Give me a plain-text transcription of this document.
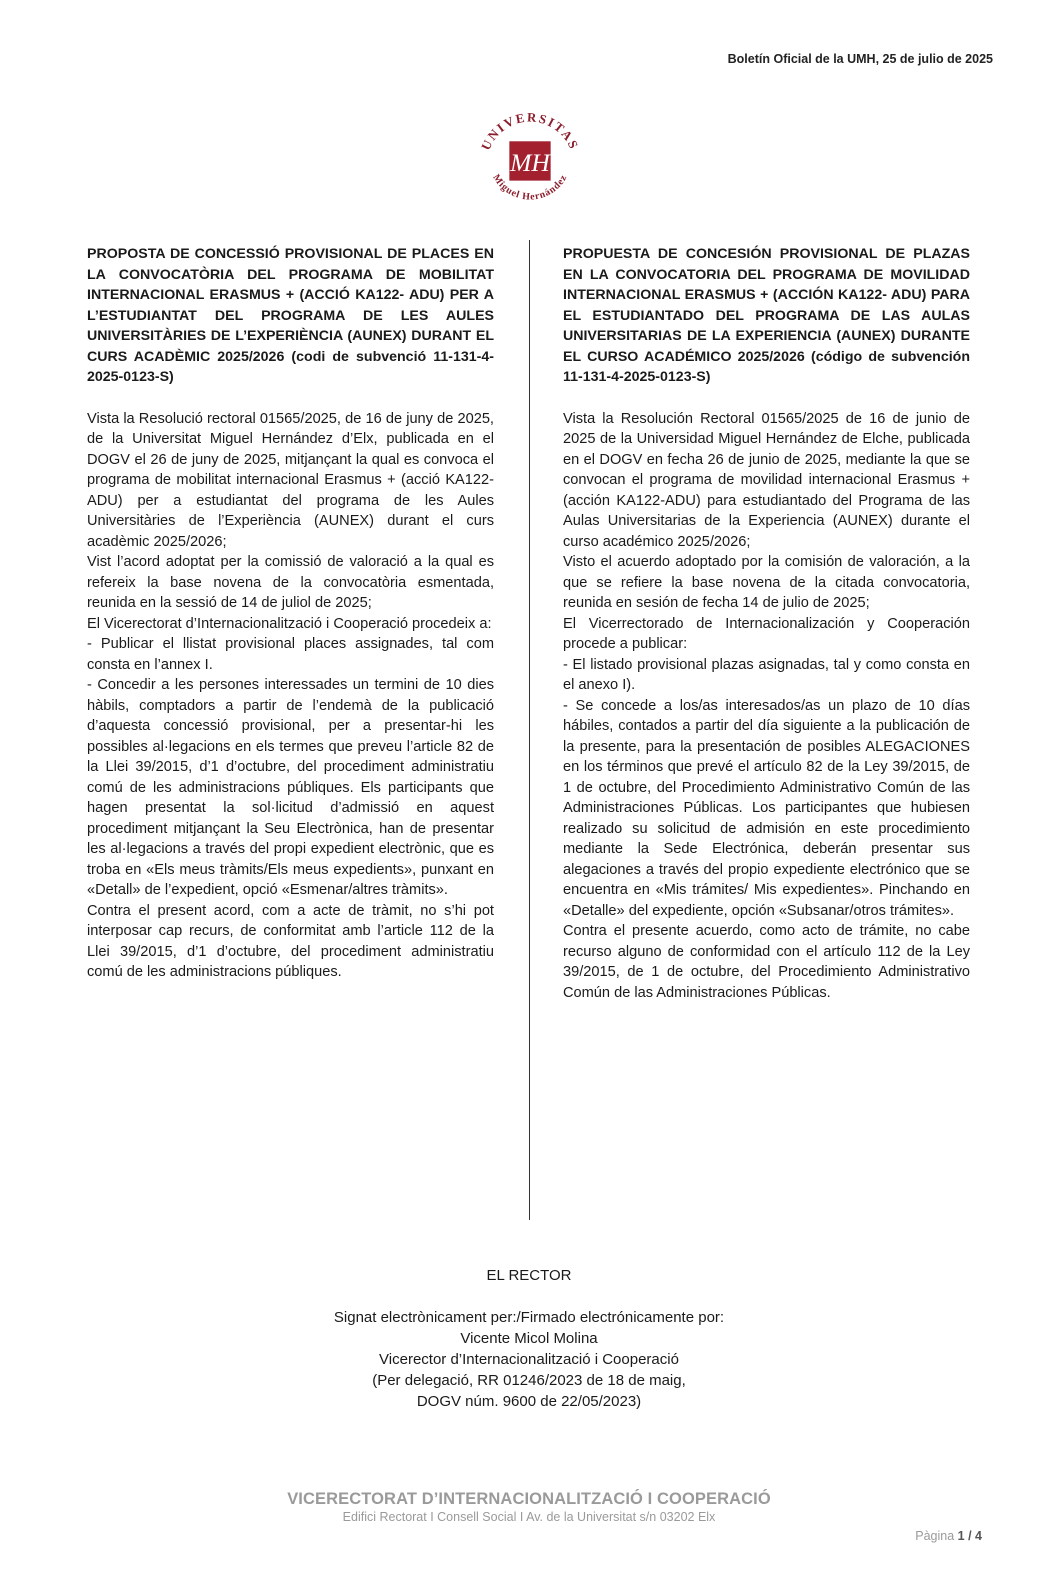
Boletín Oficial de la UMH, 25 de julio de 2025
UNIVERSITAS
Miguel Hernández
MH

PROPOSTA DE CONCESSIÓ PROVISIONAL DE PLACES EN LA CONVOCATÒRIA DEL PROGRAMA DE MOBILITAT INTERNACIONAL ERASMUS + (ACCIÓ KA122- ADU) PER A L’ESTUDIANTAT DEL PROGRAMA DE LES AULES UNIVERSITÀRIES DE L’EXPERIÈNCIA (AUNEX) DURANT EL CURS ACADÈMIC 2025/2026 (codi de subvenció 11-131-4-2025-0123-S)

Vista la Resolució rectoral 01565/2025, de 16 de juny de 2025, de la Universitat Miguel Hernández d’Elx, publicada en el DOGV el 26 de juny de 2025, mitjançant la qual es convoca el programa de mobilitat internacional Erasmus + (acció KA122-ADU) per a estudiantat del programa de les Aules Universitàries de l’Experiència (AUNEX) durant el curs acadèmic 2025/2026;

Vist l’acord adoptat per la comissió de valoració a la qual es refereix la base novena de la convocatòria esmentada, reunida en la sessió de 14 de juliol de 2025;

El Vicerectorat d’Internacionalització i Cooperació procedeix a:

- Publicar el llistat provisional places assignades, tal com consta en l’annex I.

- Concedir a les persones interessades un termini de 10 dies hàbils, comptadors a partir de l’endemà de la publicació d’aquesta concessió provisional, per a presentar-hi les possibles al·legacions en els termes que preveu l’article 82 de la Llei 39/2015, d’1 d’octubre, del procediment administratiu comú de les administracions públiques. Els participants que hagen presentat la sol·licitud d’admissió en aquest procediment mitjançant la Seu Electrònica, han de presentar les al·legacions a través del propi expedient electrònic, que es troba en «Els meus tràmits/Els meus expedients», punxant en «Detall» de l’expedient, opció «Esmenar/altres tràmits».

Contra el present acord, com a acte de tràmit, no s’hi pot interposar cap recurs, de conformitat amb l’article 112 de la Llei 39/2015, d’1 d’octubre, del procediment administratiu comú de les administracions públiques.

PROPUESTA DE CONCESIÓN PROVISIONAL DE PLAZAS EN LA CONVOCATORIA DEL PROGRAMA DE MOVILIDAD INTERNACIONAL ERASMUS + (ACCIÓN KA122- ADU) PARA EL ESTUDIANTADO DEL PROGRAMA DE LAS AULAS UNIVERSITARIAS DE LA EXPERIENCIA (AUNEX) DURANTE EL CURSO ACADÉMICO 2025/2026 (código de subvención 11-131-4-2025-0123-S)

Vista la Resolución Rectoral 01565/2025 de 16 de junio de 2025 de la Universidad Miguel Hernández de Elche, publicada en el DOGV en fecha 26 de junio de 2025, mediante la que se convocan el programa de movilidad internacional Erasmus + (acción KA122-ADU) para estudiantado del Programa de las Aulas Universitarias de la Experiencia (AUNEX) durante el curso académico 2025/2026;

Visto el acuerdo adoptado por la comisión de valoración, a la que se refiere la base novena de la citada convocatoria, reunida en sesión de fecha 14 de julio de 2025;

El Vicerrectorado de Internacionalización y Cooperación procede a publicar:

- El listado provisional plazas asignadas, tal y como consta en el anexo I).

- Se concede a los/as interesados/as un plazo de 10 días hábiles, contados a partir del día siguiente a la publicación de la presente, para la presentación de posibles ALEGACIONES en los términos que prevé el artículo 82 de la Ley 39/2015, de 1 de octubre, del Procedimiento Administrativo Común de las Administraciones Públicas. Los participantes que hubiesen realizado su solicitud de admisión en este procedimiento mediante la Sede Electrónica, deberán presentar sus alegaciones a través del propio expediente electrónico que se encuentra en «Mis trámites/ Mis expedientes». Pinchando en «Detalle» del expediente, opción «Subsanar/otros trámites».

Contra el presente acuerdo, como acto de trámite, no cabe recurso alguno de conformidad con el artículo 112 de la Ley 39/2015, de 1 de octubre, del Procedimiento Administrativo Común de las Administraciones Públicas.

EL RECTOR
Signat electrònicament per:/Firmado electrónicamente por:
Vicente Micol Molina
Vicerector d’Internacionalització i Cooperació
(Per delegació, RR 01246/2023 de 18 de maig,
DOGV núm. 9600 de 22/05/2023)
VICERECTORAT D’INTERNACIONALITZACIÓ I COOPERACIÓ
Edifici Rectorat I Consell Social I Av. de la Universitat s/n 03202 Elx
Pàgina 1 / 4
